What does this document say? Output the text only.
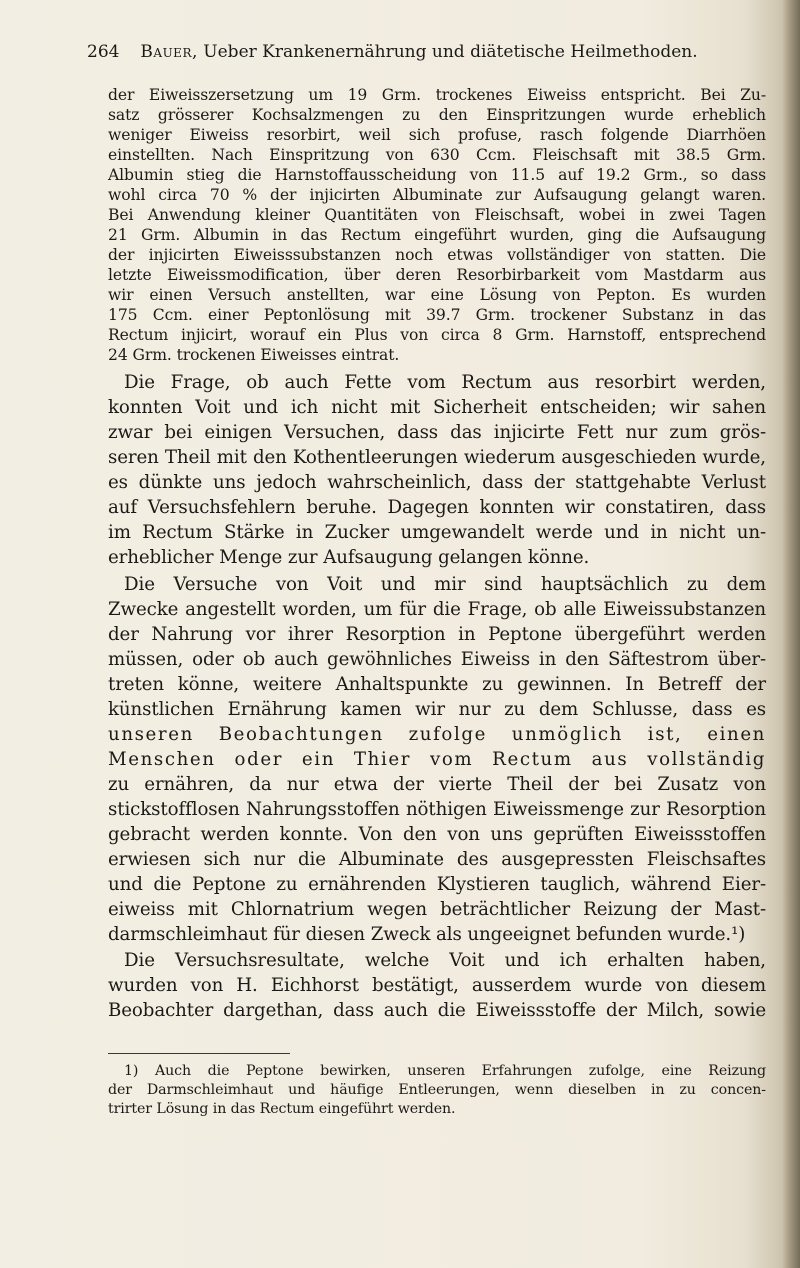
264 Bauer, Ueber Krankenernährung und diätetische Heilmethoden.
der Eiweisszersetzung um 19 Grm. trockenes Eiweiss entspricht. Bei Zu-
satz grösserer Kochsalzmengen zu den Einspritzungen wurde erheblich
weniger Eiweiss resorbirt, weil sich profuse, rasch folgende Diarrhöen
einstellten. Nach Einspritzung von 630 Ccm. Fleischsaft mit 38.5 Grm.
Albumin stieg die Harnstoffausscheidung von 11.5 auf 19.2 Grm., so dass
wohl circa 70 % der injicirten Albuminate zur Aufsaugung gelangt waren.
Bei Anwendung kleiner Quantitäten von Fleischsaft, wobei in zwei Tagen
21 Grm. Albumin in das Rectum eingeführt wurden, ging die Aufsaugung
der injicirten Eiweisssubstanzen noch etwas vollständiger von statten. Die
letzte Eiweissmodification, über deren Resorbirbarkeit vom Mastdarm aus
wir einen Versuch anstellten, war eine Lösung von Pepton. Es wurden
175 Ccm. einer Peptonlösung mit 39.7 Grm. trockener Substanz in das
Rectum injicirt, worauf ein Plus von circa 8 Grm. Harnstoff, entsprechend
24 Grm. trockenen Eiweisses eintrat.
Die Frage, ob auch Fette vom Rectum aus resorbirt werden,
konnten Voit und ich nicht mit Sicherheit entscheiden; wir sahen
zwar bei einigen Versuchen, dass das injicirte Fett nur zum grös-
seren Theil mit den Kothentleerungen wiederum ausgeschieden wurde,
es dünkte uns jedoch wahrscheinlich, dass der stattgehabte Verlust
auf Versuchsfehlern beruhe. Dagegen konnten wir constatiren, dass
im Rectum Stärke in Zucker umgewandelt werde und in nicht un-
erheblicher Menge zur Aufsaugung gelangen könne.
Die Versuche von Voit und mir sind hauptsächlich zu dem
Zwecke angestellt worden, um für die Frage, ob alle Eiweissubstanzen
der Nahrung vor ihrer Resorption in Peptone übergeführt werden
müssen, oder ob auch gewöhnliches Eiweiss in den Säftestrom über-
treten könne, weitere Anhaltspunkte zu gewinnen. In Betreff der
künstlichen Ernährung kamen wir nur zu dem Schlusse, dass es
unseren Beobachtungen zufolge unmöglich ist, einen
Menschen oder ein Thier vom Rectum aus vollständig
zu ernähren, da nur etwa der vierte Theil der bei Zusatz von
stickstofflosen Nahrungsstoffen nöthigen Eiweissmenge zur Resorption
gebracht werden konnte. Von den von uns geprüften Eiweissstoffen
erwiesen sich nur die Albuminate des ausgepressten Fleischsaftes
und die Peptone zu ernährenden Klystieren tauglich, während Eier-
eiweiss mit Chlornatrium wegen beträchtlicher Reizung der Mast-
darmschleimhaut für diesen Zweck als ungeeignet befunden wurde.¹)
Die Versuchsresultate, welche Voit und ich erhalten haben,
wurden von H. Eichhorst bestätigt, ausserdem wurde von diesem
Beobachter dargethan, dass auch die Eiweissstoffe der Milch, sowie
1) Auch die Peptone bewirken, unseren Erfahrungen zufolge, eine Reizung
der Darmschleimhaut und häufige Entleerungen, wenn dieselben in zu concen-
trirter Lösung in das Rectum eingeführt werden.
